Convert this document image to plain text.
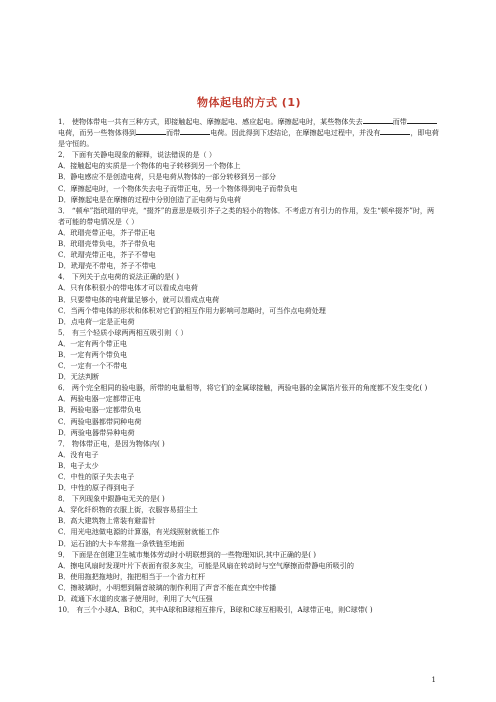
物体起电的方式 (1)

1． 使物体带电一共有三种方式，即接触起电、摩擦起电、感应起电。摩擦起电时，某些物体失去	而带电荷，而另一些物体得到	而带	电荷。因此得到下述结论，在摩擦起电过程中，并没有	，即电荷是守恒的。

2． 下面有关静电现象的解释，说法错误的是（ ）

A．接触起电的实质是一个物体的电子转移到另一个物体上

B．静电感应不是创造电荷，只是电荷从物体的一部分转移到另一部分

C．摩擦起电时，一个物体失去电子而带正电，另一个物体得到电子而带负电

D．摩擦起电是在摩擦的过程中分别创造了正电荷与负电荷

3． “顿牟”指玳瑁的甲壳，“掇芥”的意思是吸引芥子之类的轻小的物体．不考虑万有引力的作用，发生“顿牟掇芥”时，两者可能的带电情况是（ ）

A．玳瑁壳带正电，芥子带正电

B．玳瑁壳带负电，芥子带负电

C．玳瑁壳带正电，芥子不带电

D．玳瑁壳不带电，芥子不带电

4． 下列关于点电荷的说法正确的是( )

A．只有体积很小的带电体才可以看成点电荷

B．只要带电体的电荷量足够小，就可以看成点电荷

C．当两个带电体的形状和体积对它们的相互作用力影响可忽略时，可当作点电荷处理

D．点电荷一定是正电荷

5． 有三个轻质小球两两相互吸引则（ ）

A．一定有两个带正电

B．一定有两个带负电

C．一定有一个不带电

D．无法判断

6． 两个完全相同的验电器，所带的电量相等，将它们的金属球接触，两验电器的金属箔片张开的角度都不发生变化( )

A．两验电器一定都带正电

B．两验电器一定都带负电

C．两验电器都带同种电荷

D．两验电器带异种电荷

7． 物体带正电，是因为物体内( )

A．没有电子

B．电子太少

C．中性的原子失去电子

D．中性的原子得到电子

8． 下列现象中跟静电无关的是( )

A．穿化纤织物的衣服上街，衣服容易招尘土

B．高大建筑物上常装有避雷针

C．用光电池做电源的计算器，有光线照射就能工作

D．运石油的大卡车常拖一条铁链至地面

9． 下面是在创建卫生城市集体劳动时小明联想到的一些物理知识,其中正确的是( )

A．擦电风扇时发现叶片下表面有很多灰尘，可能是风扇在转动时与空气摩擦而带静电所吸引的

B．使用拖把拖地时，拖把相当于一个省力杠杆

C．擦玻璃时，小明想到隔音玻璃的制作利用了声音不能在真空中传播

D．疏通下水道的皮塞子使用时，利用了大气压强

10． 有三个小球A、B和C，其中A球和B球相互排斥，B球和C球互相吸引，A球带正电，则C球带( )

1
